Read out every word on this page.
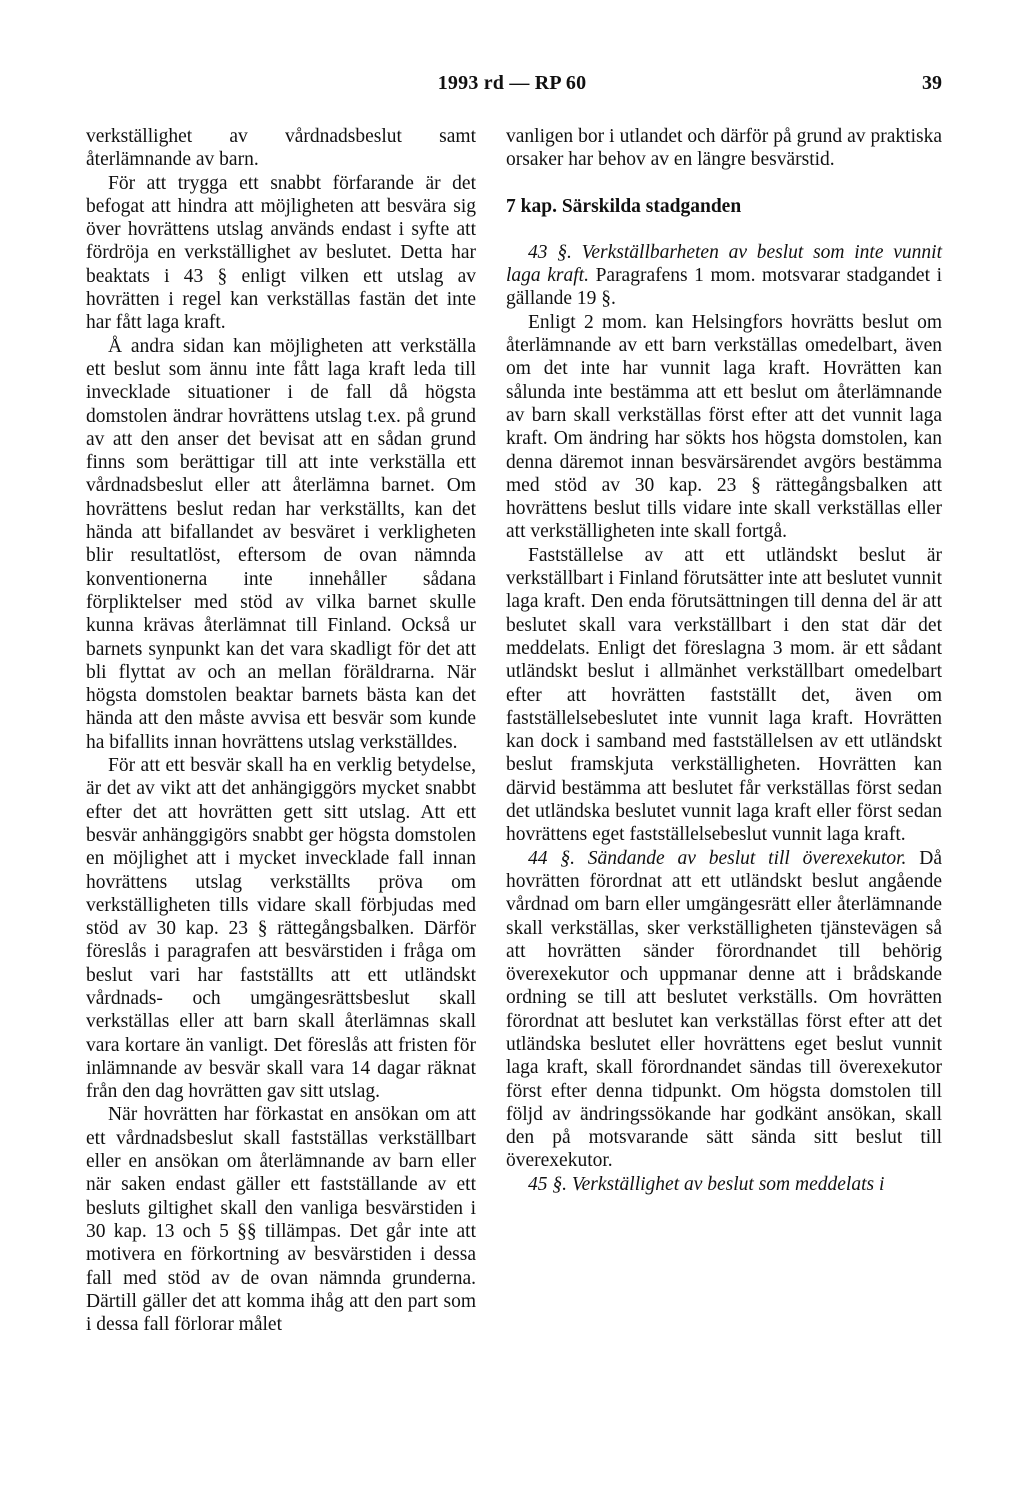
1993 rd — RP 60	39

verkställighet av vårdnadsbeslut samt återlämnande av barn.

För att trygga ett snabbt förfarande är det befogat att hindra att möjligheten att besvära sig över hovrättens utslag används endast i syfte att fördröja en verkställighet av beslutet. Detta har beaktats i 43 § enligt vilken ett utslag av hovrätten i regel kan verkställas fastän det inte har fått laga kraft.

Å andra sidan kan möjligheten att verkställa ett beslut som ännu inte fått laga kraft leda till invecklade situationer i de fall då högsta domstolen ändrar hovrättens utslag t.ex. på grund av att den anser det bevisat att en sådan grund finns som berättigar till att inte verkställa ett vårdnadsbeslut eller att återlämna barnet. Om hovrättens beslut redan har verkställts, kan det hända att bifallandet av besväret i verkligheten blir resultatlöst, eftersom de ovan nämnda konventionerna inte innehåller sådana förpliktelser med stöd av vilka barnet skulle kunna krävas återlämnat till Finland. Också ur barnets synpunkt kan det vara skadligt för det att bli flyttat av och an mellan föräldrarna. När högsta domstolen beaktar barnets bästa kan det hända att den måste avvisa ett besvär som kunde ha bifallits innan hovrättens utslag verkställdes.

För att ett besvär skall ha en verklig betydelse, är det av vikt att det anhängiggörs mycket snabbt efter det att hovrätten gett sitt utslag. Att ett besvär anhänggigörs snabbt ger högsta domstolen en möjlighet att i mycket invecklade fall innan hovrättens utslag verkställts pröva om verkställigheten tills vidare skall förbjudas med stöd av 30 kap. 23 § rättegångsbalken. Därför föreslås i paragrafen att besvärstiden i fråga om beslut vari har fastställts att ett utländskt vårdnads- och umgängesrättsbeslut skall verkställas eller att barn skall återlämnas skall vara kortare än vanligt. Det föreslås att fristen för inlämnande av besvär skall vara 14 dagar räknat från den dag hovrätten gav sitt utslag.

När hovrätten har förkastat en ansökan om att ett vårdnadsbeslut skall fastställas verkställbart eller en ansökan om återlämnande av barn eller när saken endast gäller ett fastställande av ett besluts giltighet skall den vanliga besvärstiden i 30 kap. 13 och 5 §§ tillämpas. Det går inte att motivera en förkortning av besvärstiden i dessa fall med stöd av de ovan nämnda grunderna. Därtill gäller det att komma ihåg att den part som i dessa fall förlorar målet

vanligen bor i utlandet och därför på grund av praktiska orsaker har behov av en längre besvärstid.

7 kap. Särskilda stadganden

43 §. Verkställbarheten av beslut som inte vunnit laga kraft. Paragrafens 1 mom. motsvarar stadgandet i gällande 19 §.

Enligt 2 mom. kan Helsingfors hovrätts beslut om återlämnande av ett barn verkställas omedelbart, även om det inte har vunnit laga kraft. Hovrätten kan sålunda inte bestämma att ett beslut om återlämnande av barn skall verkställas först efter att det vunnit laga kraft. Om ändring har sökts hos högsta domstolen, kan denna däremot innan besvärsärendet avgörs bestämma med stöd av 30 kap. 23 § rättegångsbalken att hovrättens beslut tills vidare inte skall verkställas eller att verkställigheten inte skall fortgå.

Fastställelse av att ett utländskt beslut är verkställbart i Finland förutsätter inte att beslutet vunnit laga kraft. Den enda förutsättningen till denna del är att beslutet skall vara verkställbart i den stat där det meddelats. Enligt det föreslagna 3 mom. är ett sådant utländskt beslut i allmänhet verkställbart omedelbart efter att hovrätten fastställt det, även om fastställelsebeslutet inte vunnit laga kraft. Hovrätten kan dock i samband med fastställelsen av ett utländskt beslut framskjuta verkställigheten. Hovrätten kan därvid bestämma att beslutet får verkställas först sedan det utländska beslutet vunnit laga kraft eller först sedan hovrättens eget fastställelsebeslut vunnit laga kraft.

44 §. Sändande av beslut till överexekutor. Då hovrätten förordnat att ett utländskt beslut angående vårdnad om barn eller umgängesrätt eller återlämnande skall verkställas, sker verkställigheten tjänstevägen så att hovrätten sänder förordnandet till behörig överexekutor och uppmanar denne att i brådskande ordning se till att beslutet verkställs. Om hovrätten förordnat att beslutet kan verkställas först efter att det utländska beslutet eller hovrättens eget beslut vunnit laga kraft, skall förordnandet sändas till överexekutor först efter denna tidpunkt. Om högsta domstolen till följd av ändringssökande har godkänt ansökan, skall den på motsvarande sätt sända sitt beslut till överexekutor.

45 §. Verkställighet av beslut som meddelats i
